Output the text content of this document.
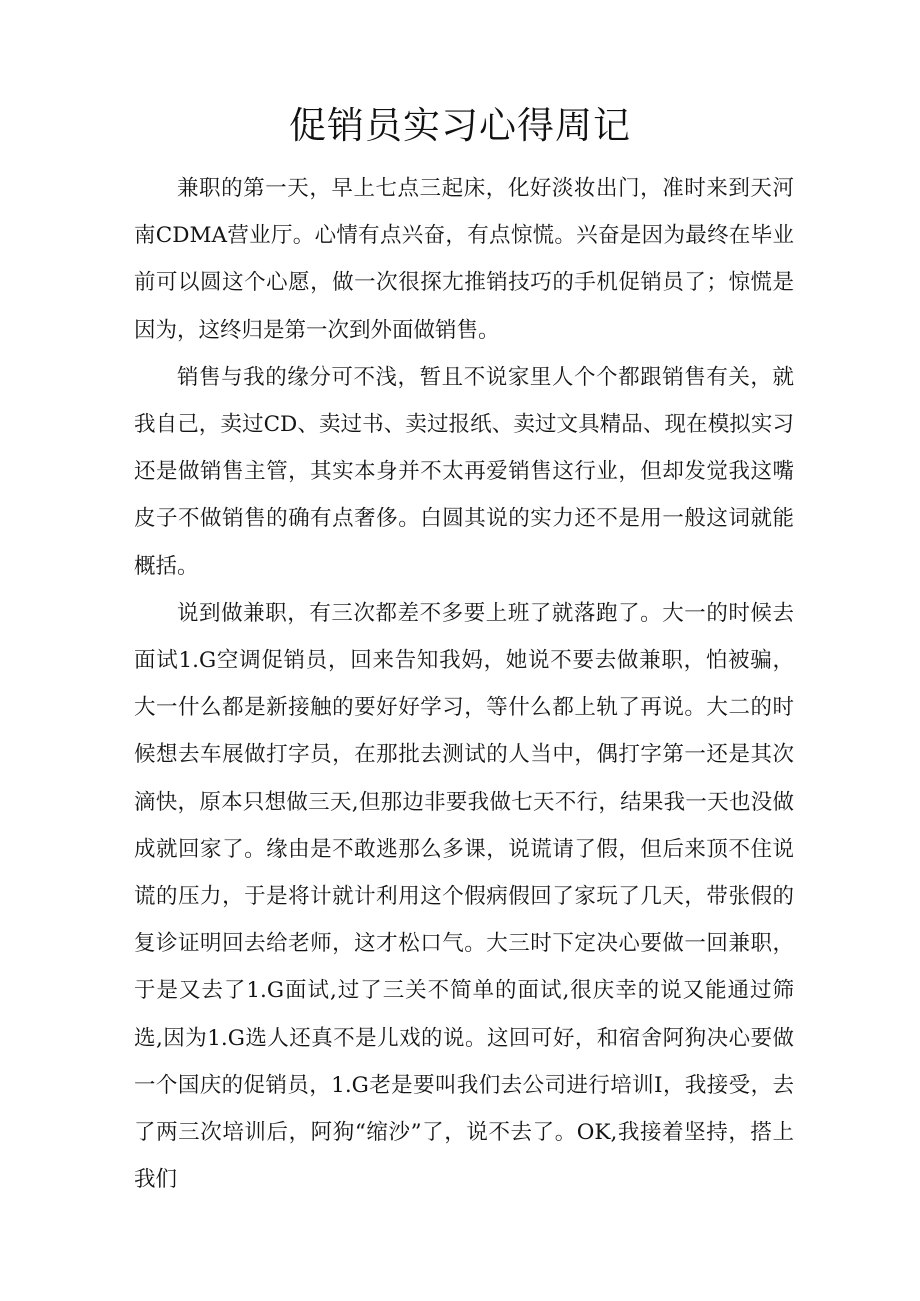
促销员实习心得周记

兼职的第一天，早上七点三起床，化好淡妆出门，准时来到天河南CDMA营业厅。心情有点兴奋，有点惊慌。兴奋是因为最终在毕业前可以圆这个心愿，做一次很探尢推销技巧的手机促销员了；惊慌是因为，这终归是第一次到外面做销售。

销售与我的缘分可不浅，暂且不说家里人个个都跟销售有关，就我自己，卖过CD、卖过书、卖过报纸、卖过文具精品、现在模拟实习还是做销售主管，其实本身并不太再爱销售这行业，但却发觉我这嘴皮子不做销售的确有点奢侈。白圆其说的实力还不是用一般这词就能概括。

说到做兼职，有三次都差不多要上班了就落跑了。大一的时候去面试1.G空调促销员，回来告知我妈，她说不要去做兼职，怕被骗，大一什么都是新接触的要好好学习，等什么都上轨了再说。大二的时候想去车展做打字员，在那批去测试的人当中，偶打字第一还是其次滴快，原本只想做三天,但那边非要我做七天不行，结果我一天也没做成就回家了。缘由是不敢逃那么多课，说谎请了假，但后来顶不住说谎的压力，于是将计就计利用这个假病假回了家玩了几天，带张假的复诊证明回去给老师，这才松口气。大三时下定决心要做一回兼职，于是又去了1.G面试,过了三关不简单的面试,很庆幸的说又能通过筛选,因为1.G选人还真不是儿戏的说。这回可好，和宿舍阿狗决心要做一个国庆的促销员，1.G老是要叫我们去公司进行培训I，我接受，去了两三次培训后，阿狗“缩沙”了，说不去了。OK,我接着坚持，搭上我们
